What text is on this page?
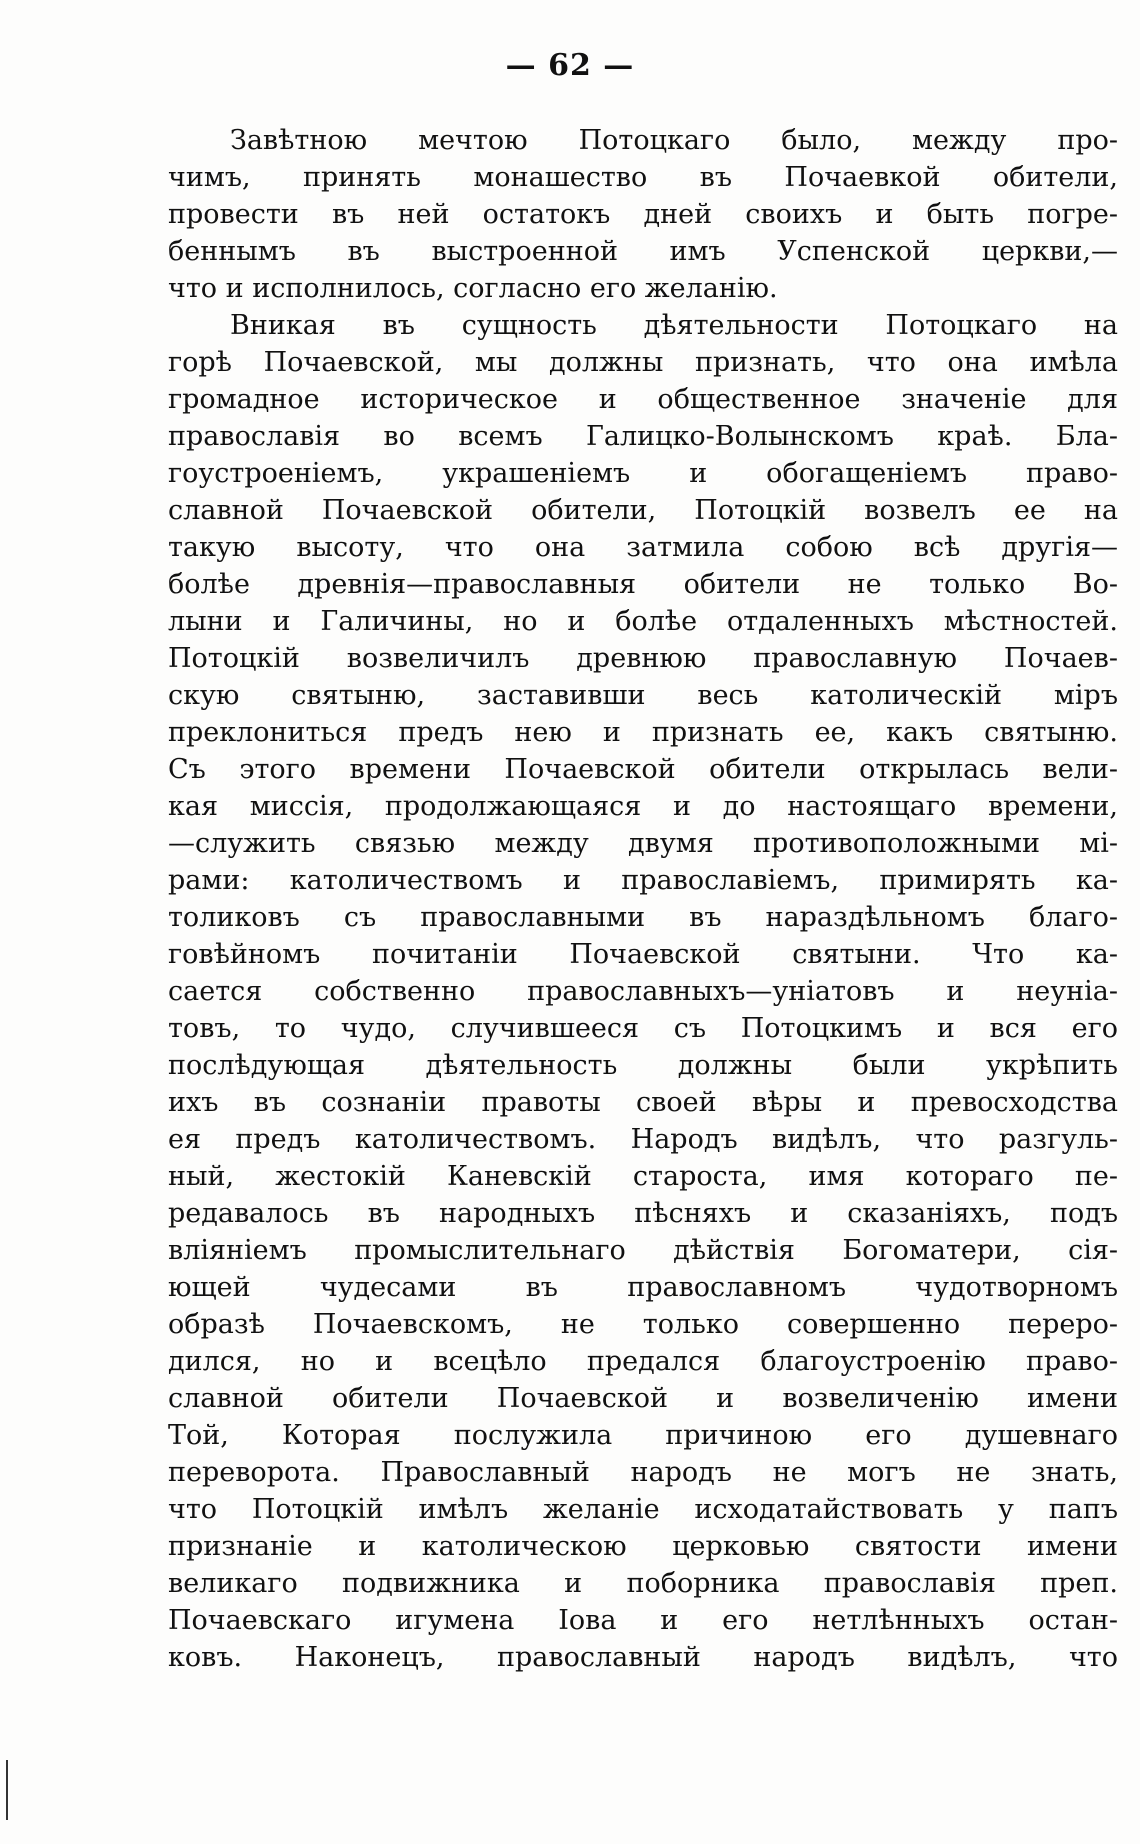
— 62 —
Завѣтною мечтою Потоцкаго было, между про-
чимъ, принять монашество въ Почаевкой обители,
провести въ ней остатокъ дней своихъ и быть погре-
беннымъ въ выстроенной имъ Успенской церкви,—
что и исполнилось, согласно его желанію.
Вникая въ сущность дѣятельности Потоцкаго на
горѣ Почаевской, мы должны признать, что она имѣла
громадное историческое и общественное значеніе для
православія во всемъ Галицко-Волынскомъ краѣ. Бла-
гоустроеніемъ, украшеніемъ и обогащеніемъ право-
славной Почаевской обители, Потоцкій возвелъ ее на
такую высоту, что она затмила собою всѣ другія—
болѣе древнія—православныя обители не только Во-
лыни и Галичины, но и болѣе отдаленныхъ мѣстностей.
Потоцкій возвеличилъ древнюю православную Почаев-
скую святыню, заставивши весь католическій міръ
преклониться предъ нею и признать ее, какъ святыню.
Съ этого времени Почаевской обители открылась вели-
кая миссія, продолжающаяся и до настоящаго времени,
—служить связью между двумя противоположными мі-
рами: католичествомъ и православіемъ, примирять ка-
толиковъ съ православными въ нараздѣльномъ благо-
говѣйномъ почитаніи Почаевской святыни. Что ка-
сается собственно православныхъ—уніатовъ и неуніа-
товъ, то чудо, случившееся съ Потоцкимъ и вся его
послѣдующая дѣятельность должны были укрѣпить
ихъ въ сознаніи правоты своей вѣры и превосходства
ея предъ католичествомъ. Народъ видѣлъ, что разгуль-
ный, жестокій Каневскій староста, имя котораго пе-
редавалось въ народныхъ пѣсняхъ и сказаніяхъ, подъ
вліяніемъ промыслительнаго дѣйствія Богоматери, сія-
ющей чудесами въ православномъ чудотворномъ
образѣ Почаевскомъ, не только совершенно переро-
дился, но и всецѣло предался благоустроенію право-
славной обители Почаевской и возвеличенію имени
Той, Которая послужила причиною его душевнаго
переворота. Православный народъ не могъ не знать,
что Потоцкій имѣлъ желаніе исходатайствовать у папъ
признаніе и католическою церковью святости имени
великаго подвижника и поборника православія преп.
Почаевскаго игумена Іова и его нетлѣнныхъ остан-
ковъ. Наконецъ, православный народъ видѣлъ, что
